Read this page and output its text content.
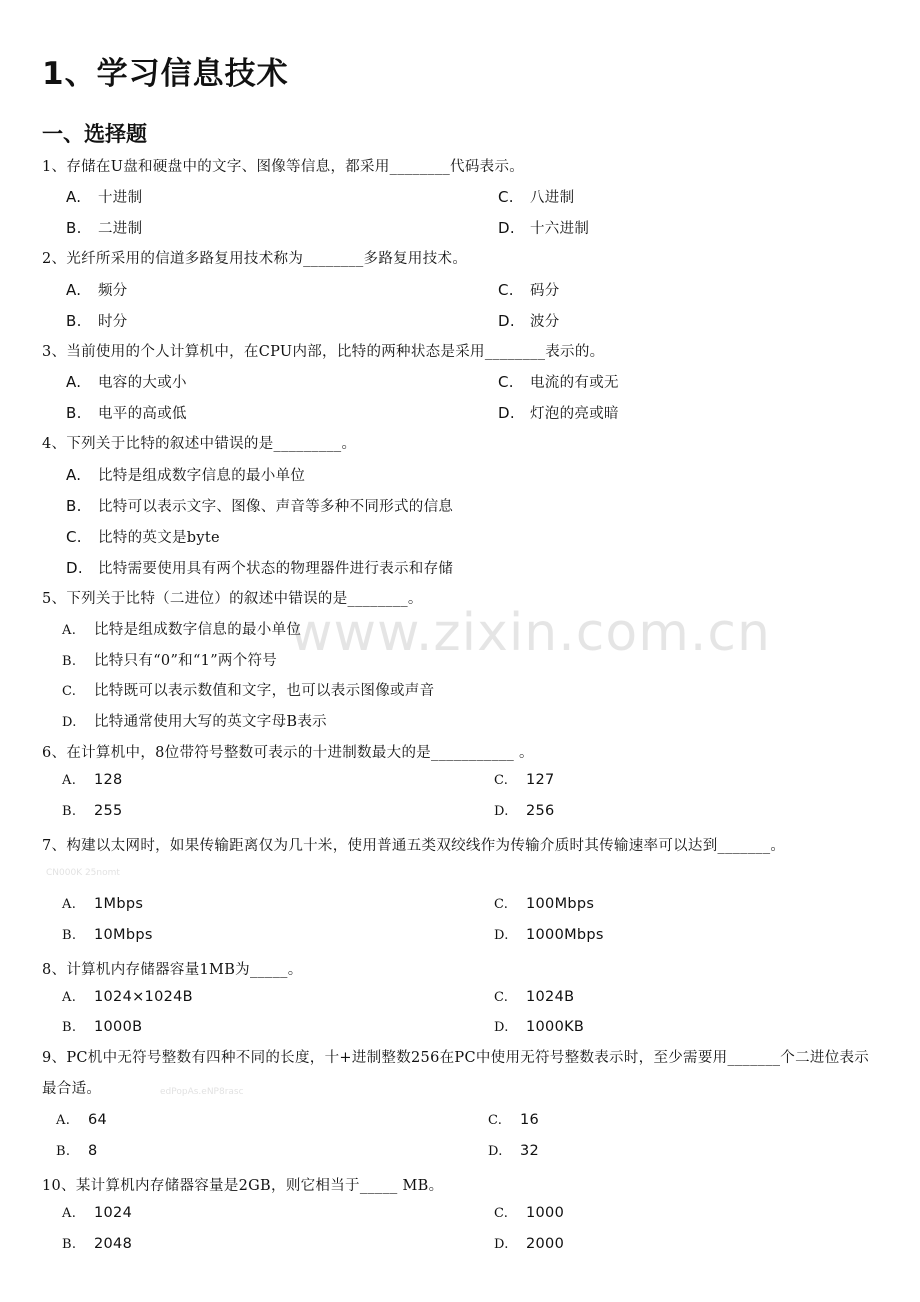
1、学习信息技术
一、选择题
www.zixin.com.cn
CN000K 25nomt
edPopAs.eNP8rasc
1、存储在U盘和硬盘中的文字、图像等信息，都采用________代码表示。
A. 十进制	C. 八进制
B. 二进制	D. 十六进制
2、光纤所采用的信道多路复用技术称为________多路复用技术。
A. 频分	C. 码分
B. 时分	D. 波分
3、当前使用的个人计算机中，在CPU内部，比特的两种状态是采用________表示的。
A. 电容的大或小	C. 电流的有或无
B. 电平的高或低	D. 灯泡的亮或暗
4、下列关于比特的叙述中错误的是_________。
A. 比特是组成数字信息的最小单位
B. 比特可以表示文字、图像、声音等多种不同形式的信息
C. 比特的英文是byte
D. 比特需要使用具有两个状态的物理器件进行表示和存储
5、下列关于比特（二进位）的叙述中错误的是________。
A. 比特是组成数字信息的最小单位
B. 比特只有“0”和“1”两个符号
C. 比特既可以表示数值和文字，也可以表示图像或声音
D. 比特通常使用大写的英文字母B表示
6、在计算机中，8位带符号整数可表示的十进制数最大的是___________ 。
A. 128	C. 127
B. 255	D. 256
7、构建以太网时，如果传输距离仅为几十米，使用普通五类双绞线作为传输介质时其传输速率可以达到_______。
A. 1Mbps	C. 100Mbps
B. 10Mbps	D. 1000Mbps
8、计算机内存储器容量1MB为_____。
A. 1024×1024B	C. 1024B
B. 1000B	D. 1000KB
9、PC机中无符号整数有四种不同的长度，十+进制整数256在PC中使用无符号整数表示时，至少需要用_______个二进位表示最合适。
A. 64	C. 16
B. 8	D. 32
10、某计算机内存储器容量是2GB，则它相当于_____ MB。
A. 1024	C. 1000
B. 2048	D. 2000
